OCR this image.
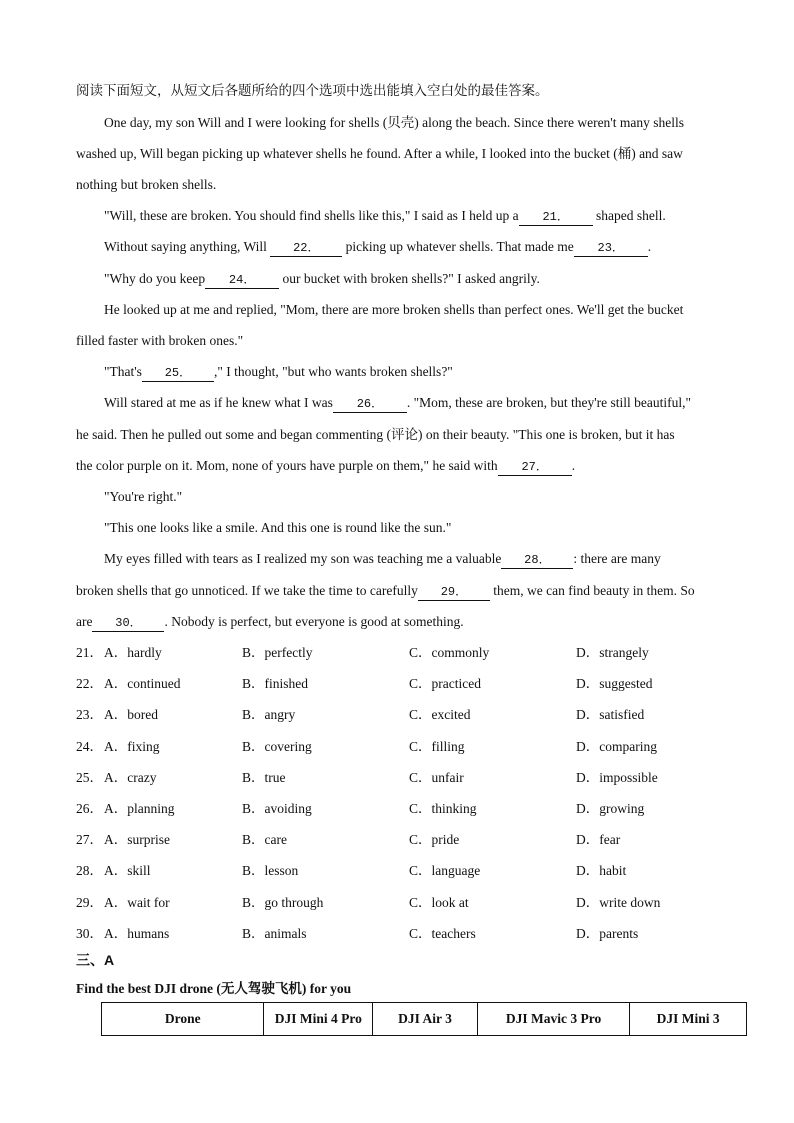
阅读下面短文，从短文后各题所给的四个选项中选出能填入空白处的最佳答案。
One day, my son Will and I were looking for shells (贝壳) along the beach. Since there weren't many shells
washed up, Will began picking up whatever shells he found. After a while, I looked into the bucket (桶) and saw
nothing but broken shells.
"Will, these are broken. You should find shells like this," I said as I held up a 21． shaped shell.
Without saying anything, Will 22． picking up whatever shells. That made me 23． .
"Why do you keep 24． our bucket with broken shells?" I asked angrily.
He looked up at me and replied, "Mom, there are more broken shells than perfect ones. We'll get the bucket
filled faster with broken ones."
"That's 25． ," I thought, "but who wants broken shells?"
Will stared at me as if he knew what I was 26． . "Mom, these are broken, but they're still beautiful,"
he said. Then he pulled out some and began commenting (评论) on their beauty. "This one is broken, but it has
the color purple on it. Mom, none of yours have purple on them," he said with 27． .
"You're right."
"This one looks like a smile. And this one is round like the sun."
My eyes filled with tears as I realized my son was teaching me a valuable 28． : there are many
broken shells that go unnoticed. If we take the time to carefully 29． them, we can find beauty in them. So
are 30． . Nobody is perfect, but everyone is good at something.
21． A．hardly	B．perfectly	C．commonly	D．strangely
22． A．continued	B．finished	C．practiced	D．suggested
23． A．bored	B．angry	C．excited	D．satisfied
24． A．fixing	B．covering	C．filling	D．comparing
25． A．crazy	B．true	C．unfair	D．impossible
26． A．planning	B．avoiding	C．thinking	D．growing
27． A．surprise	B．care	C．pride	D．fear
28． A．skill	B．lesson	C．language	D．habit
29． A．wait for	B．go through	C．look at	D．write down
30． A．humans	B．animals	C．teachers	D．parents
三、A
Find the best DJI drone (无人驾驶飞机) for you
Drone	DJI Mini 4 Pro	DJI Air 3	DJI Mavic 3 Pro	DJI Mini 3
